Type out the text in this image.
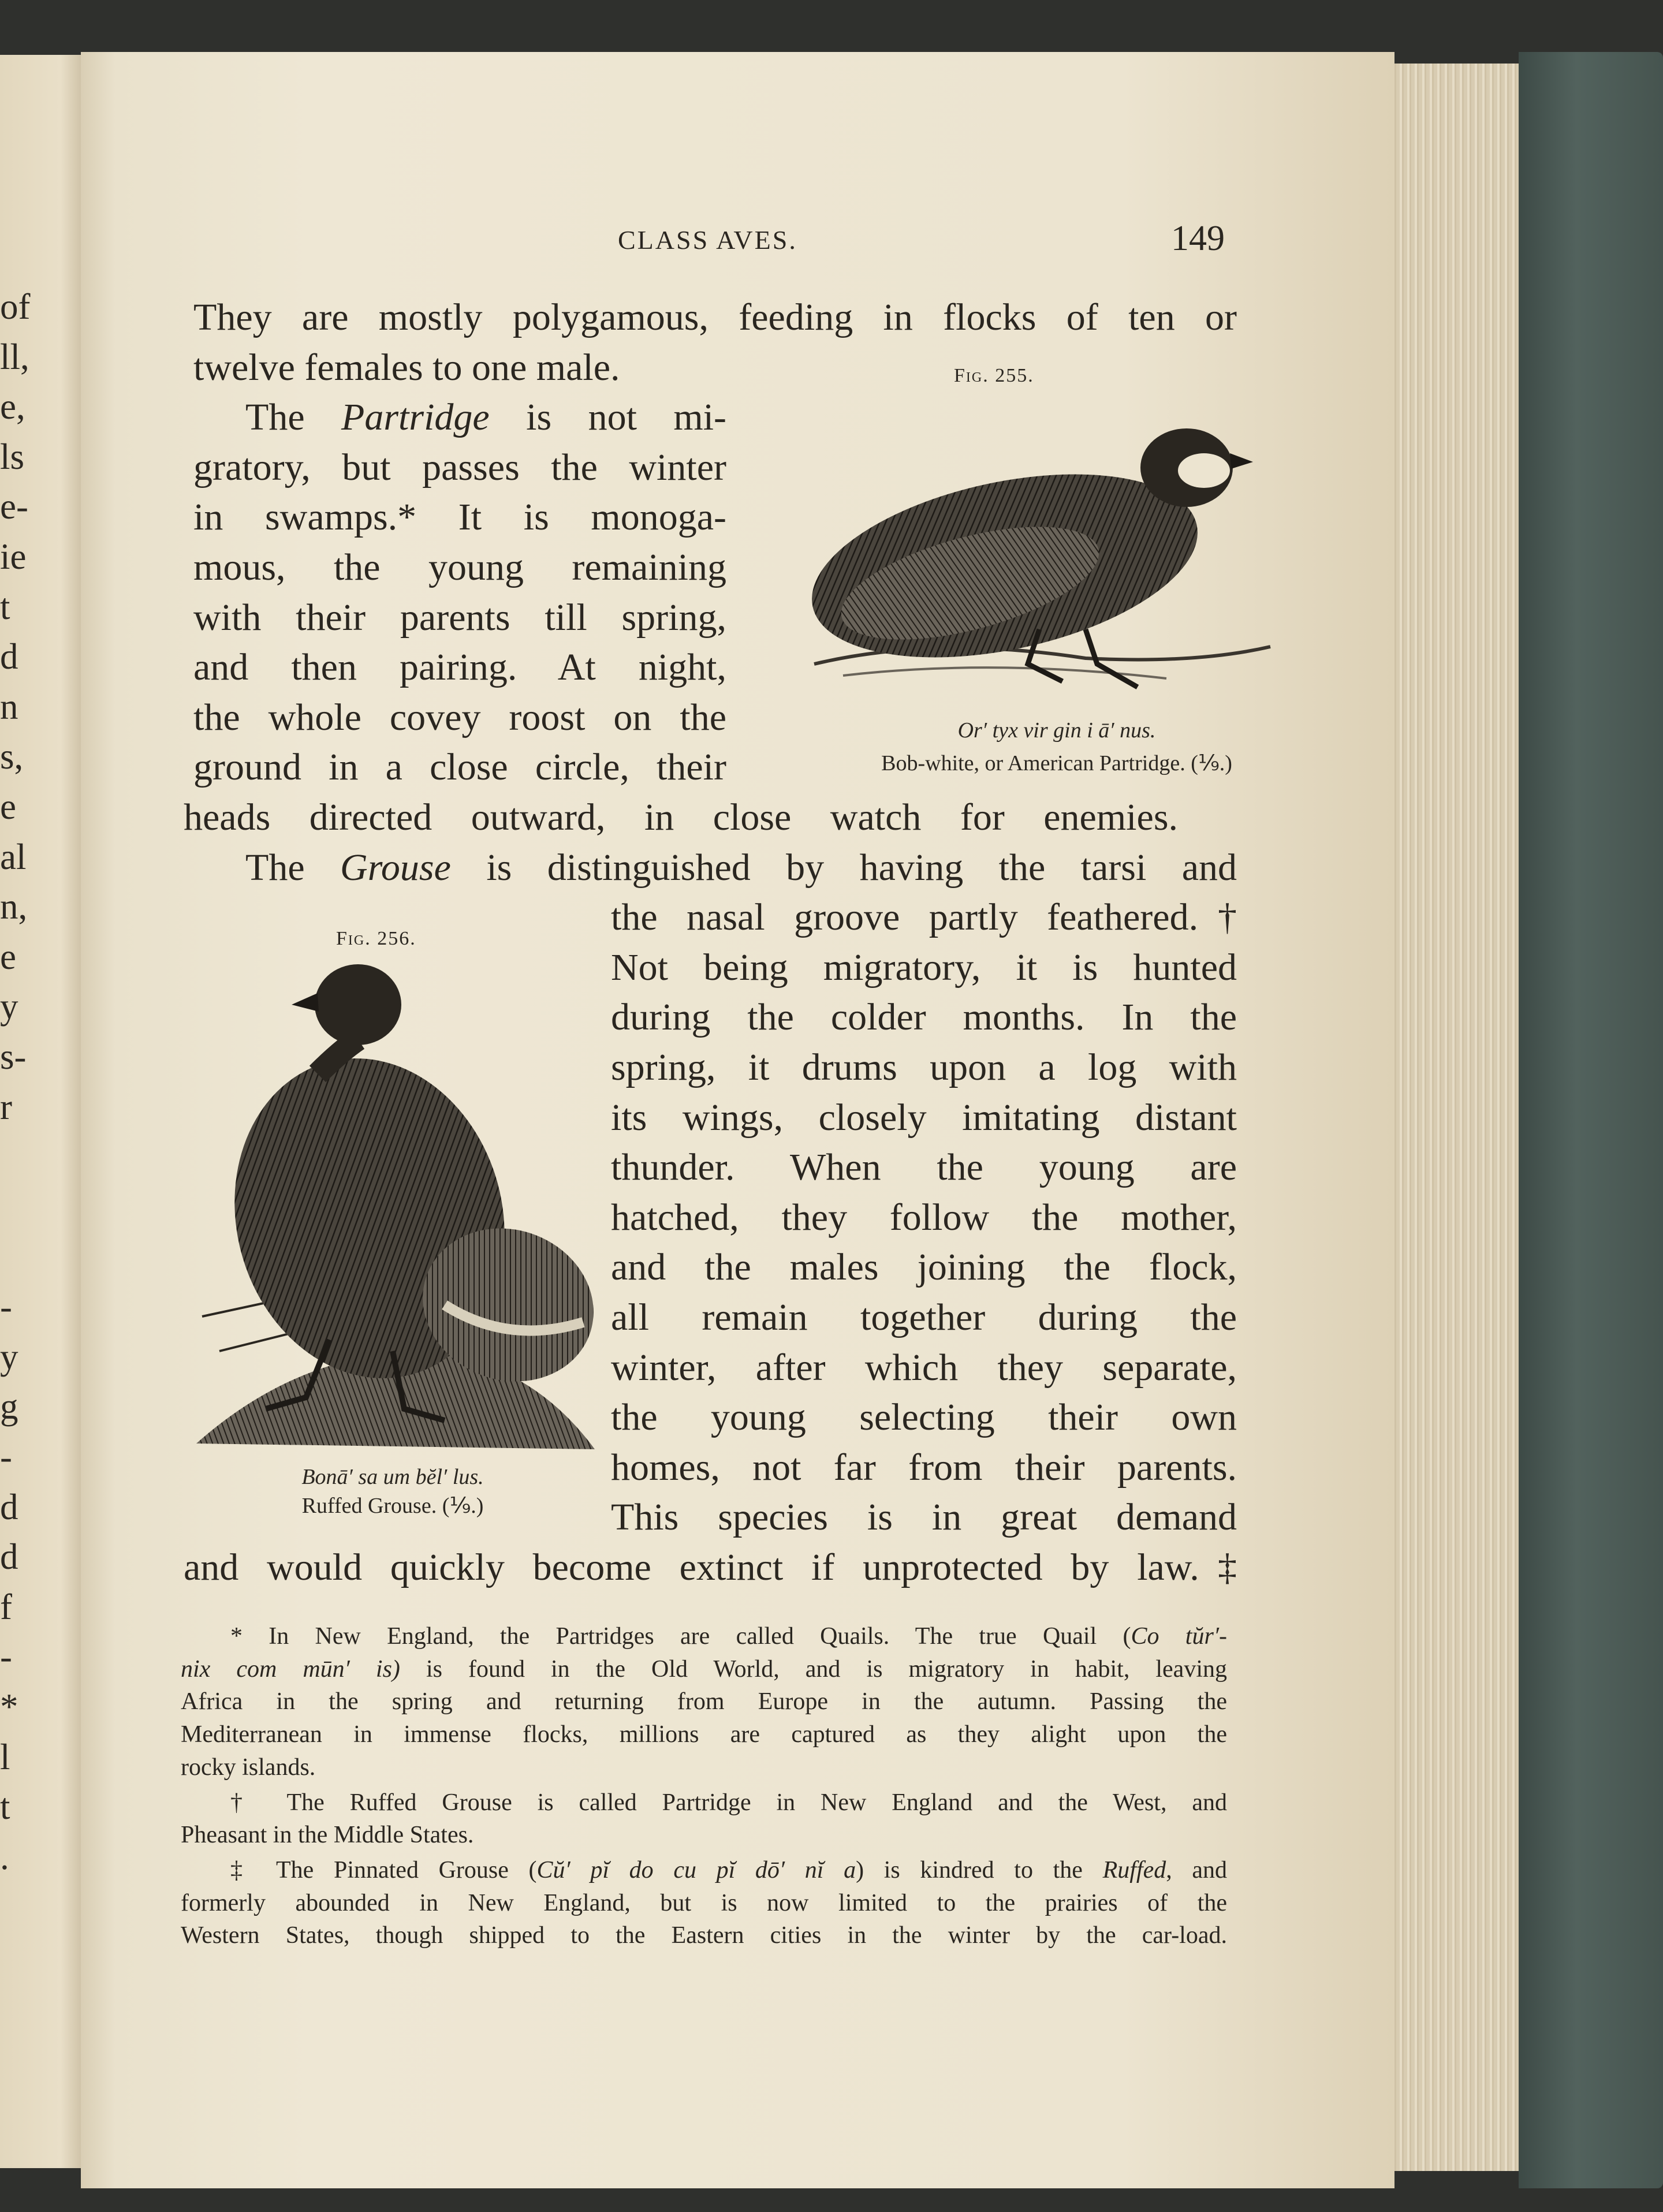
of
ll,
e,
ls
e-
ie
t
d
n
s,
e
al
n,
e
y
s-
r
-
y
g
-
d
d
f
-
*
l
t
.
CLASS AVES.	149
Fig. 255.
Or′ tyx vir gin i ā′ nus.
Bob-white, or American Partridge. (⅑.)
Fig. 256.
Bonā′ sa um bĕl′ lus.
Ruffed Grouse. (⅑.)
They are mostly polygamous, feeding in flocks of ten or
twelve females to one male.
The Partridge is not mi-
gratory, but passes the winter
in swamps.* It is monoga-
mous, the young remaining
with their parents till spring,
and then pairing. At night,
the whole covey roost on the
ground in a close circle, their
heads directed outward, in close watch for enemies.
The Grouse is distinguished by having the tarsi and
the nasal groove partly feathered.†
Not being migratory, it is hunted
during the colder months. In the
spring, it drums upon a log with
its wings, closely imitating distant
thunder. When the young are
hatched, they follow the mother,
and the males joining the flock,
all remain together during the
winter, after which they separate,
the young selecting their own
homes, not far from their parents.
This species is in great demand
and would quickly become extinct if unprotected by law.‡
* In New England, the Partridges are called Quails. The true Quail (Co tŭr′-
nix com mūn′ is) is found in the Old World, and is migratory in habit, leaving
Africa in the spring and returning from Europe in the autumn. Passing the
Mediterranean in immense flocks, millions are captured as they alight upon the
rocky islands.
† The Ruffed Grouse is called Partridge in New England and the West, and
Pheasant in the Middle States.
‡ The Pinnated Grouse (Cŭ′ pĭ do cu pĭ dō′ nĭ a) is kindred to the Ruffed, and
formerly abounded in New England, but is now limited to the prairies of the
Western States, though shipped to the Eastern cities in the winter by the car-load.
